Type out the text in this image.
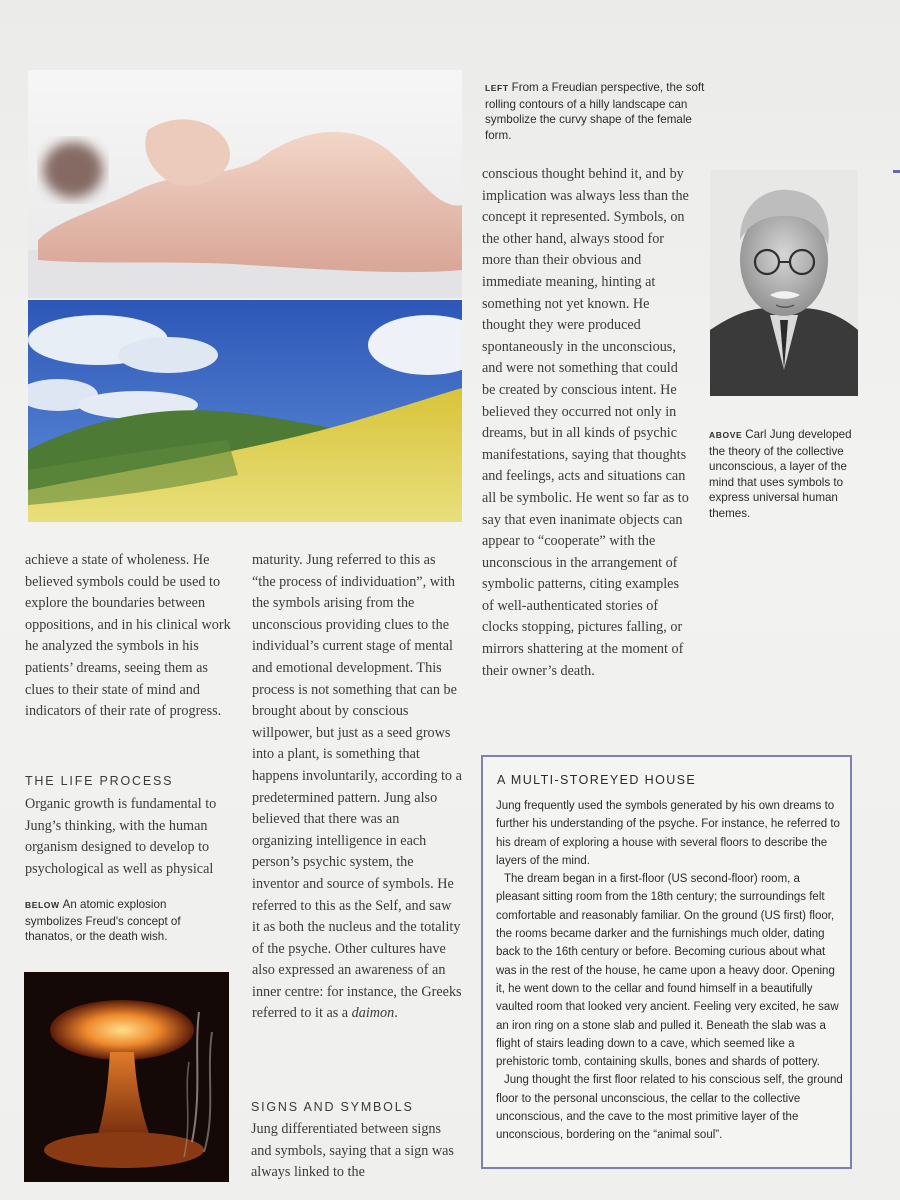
LEFT From a Freudian perspective, the soft rolling contours of a hilly landscape can symbolize the curvy shape of the female form.
ABOVE Carl Jung developed the theory of the collective unconscious, a layer of the mind that uses symbols to express universal human themes.

achieve a state of wholeness. He believed symbols could be used to explore the boundaries between oppositions, and in his clinical work he analyzed the symbols in his patients’ dreams, seeing them as clues to their state of mind and indicators of their rate of progress.

THE LIFE PROCESS

Organic growth is fundamental to Jung’s thinking, with the human organism designed to develop to psychological as well as physical

BELOW An atomic explosion symbolizes Freud's concept of thanatos, or the death wish.

maturity. Jung referred to this as “the process of individuation”, with the symbols arising from the unconscious providing clues to the individual’s current stage of mental and emotional development. This process is not something that can be brought about by conscious willpower, but just as a seed grows into a plant, is something that happens involuntarily, according to a predetermined pattern. Jung also believed that there was an organizing intelligence in each person’s psychic system, the inventor and source of symbols. He referred to this as the Self, and saw it as both the nucleus and the totality of the psyche. Other cultures have also expressed an awareness of an inner centre: for instance, the Greeks referred to it as a daimon.

SIGNS AND SYMBOLS

Jung differentiated between signs and symbols, saying that a sign was always linked to the

conscious thought behind it, and by implication was always less than the concept it represented. Symbols, on the other hand, always stood for more than their obvious and immediate meaning, hinting at something not yet known. He thought they were produced spontaneously in the unconscious, and were not something that could be created by conscious intent. He believed they occurred not only in dreams, but in all kinds of psychic manifestations, saying that thoughts and feelings, acts and situations can all be symbolic. He went so far as to say that even inanimate objects can appear to “cooperate” with the unconscious in the arrangement of symbolic patterns, citing examples of well-authenticated stories of clocks stopping, pictures falling, or mirrors shattering at the moment of their owner’s death.

A MULTI-STOREYED HOUSE

Jung frequently used the symbols generated by his own dreams to further his understanding of the psyche. For instance, he referred to his dream of exploring a house with several floors to describe the layers of the mind.

The dream began in a first-floor (US second-floor) room, a pleasant sitting room from the 18th century; the surroundings felt comfortable and reasonably familiar. On the ground (US first) floor, the rooms became darker and the furnishings much older, dating back to the 16th century or before. Becoming curious about what was in the rest of the house, he came upon a heavy door. Opening it, he went down to the cellar and found himself in a beautifully vaulted room that looked very ancient. Feeling very excited, he saw an iron ring on a stone slab and pulled it. Beneath the slab was a flight of stairs leading down to a cave, which seemed like a prehistoric tomb, containing skulls, bones and shards of pottery.

Jung thought the first floor related to his conscious self, the ground floor to the personal unconscious, the cellar to the collective unconscious, and the cave to the most primitive layer of the unconscious, bordering on the “animal soul”.
